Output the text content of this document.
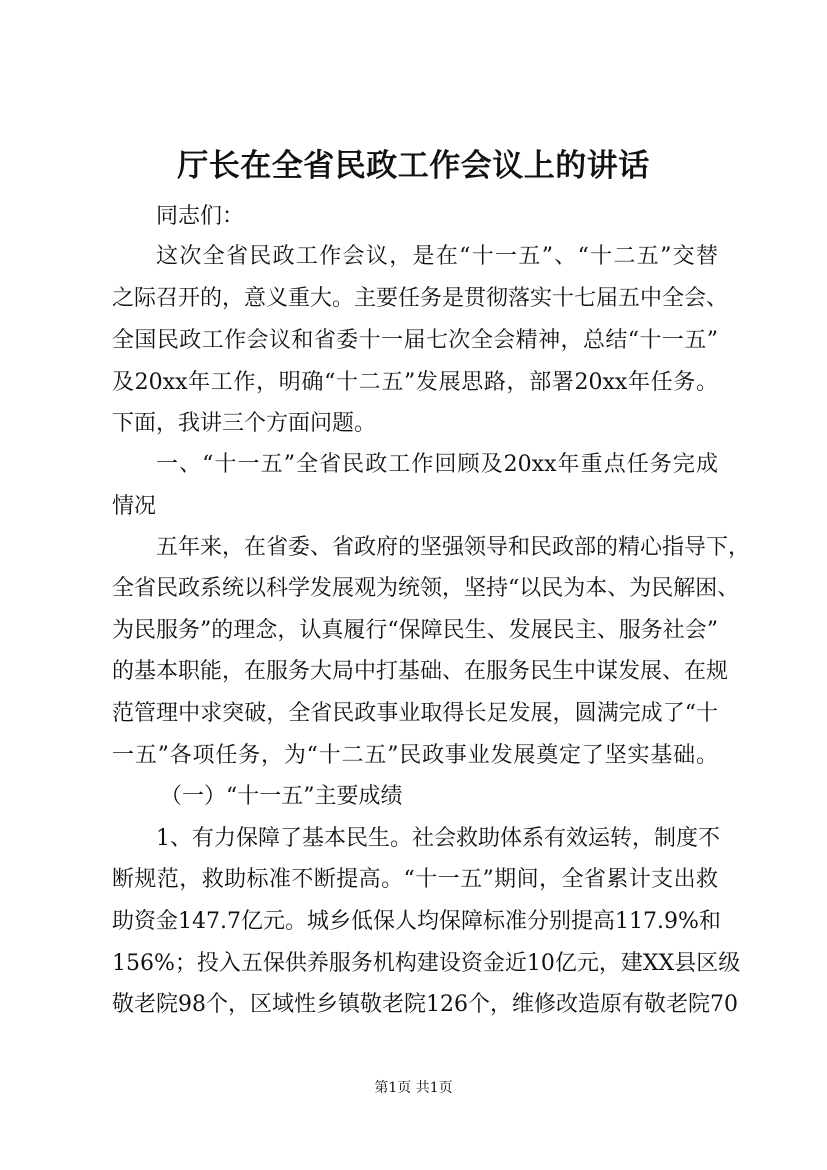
厅长在全省民政工作会议上的讲话
同志们：
这次全省民政工作会议，是在“十一五”、“十二五”交替
之际召开的，意义重大。主要任务是贯彻落实十七届五中全会、
全国民政工作会议和省委十一届七次全会精神，总结“十一五”
及20xx年工作，明确“十二五”发展思路，部署20xx年任务。
下面，我讲三个方面问题。
一、“十一五”全省民政工作回顾及20xx年重点任务完成
情况
五年来，在省委、省政府的坚强领导和民政部的精心指导下，
全省民政系统以科学发展观为统领，坚持“以民为本、为民解困、
为民服务”的理念，认真履行“保障民生、发展民主、服务社会”
的基本职能，在服务大局中打基础、在服务民生中谋发展、在规
范管理中求突破，全省民政事业取得长足发展，圆满完成了“十
一五”各项任务，为“十二五”民政事业发展奠定了坚实基础。
（一）“十一五”主要成绩
1、有力保障了基本民生。社会救助体系有效运转，制度不
断规范，救助标准不断提高。“十一五”期间，全省累计支出救
助资金147.7亿元。城乡低保人均保障标准分别提高117.9%和
156%；投入五保供养服务机构建设资金近10亿元，建XX县区级
敬老院98个，区域性乡镇敬老院126个，维修改造原有敬老院70
第1页 共1页
